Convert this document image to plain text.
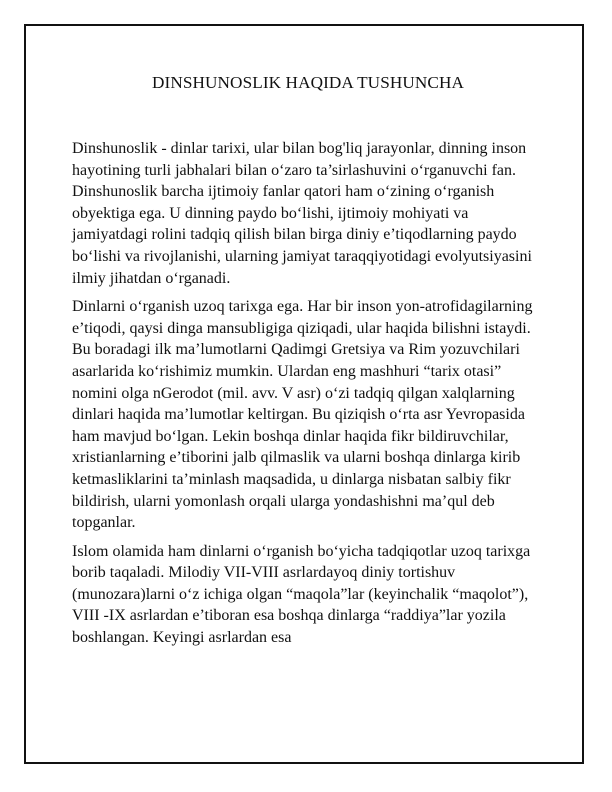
DINSHUNOSLIK HAQIDA TUSHUNCHA

Dinshunoslik - dinlar tarixi, ular bilan bog'liq jarayonlar, dinning inson hayotining turli jabhalari bilan o‘zaro ta’sirlashuvini o‘rganuvchi fan. Dinshunoslik barcha ijtimoiy fanlar qatori ham o‘zining o‘rganish obyektiga ega. U dinning paydo bo‘lishi, ijtimoiy mohiyati va jamiyatdagi rolini tadqiq qilish bilan birga diniy e’tiqodlarning paydo bo‘lishi va rivojlanishi, ularning jamiyat taraqqiyotidagi evolyutsiyasini ilmiy jihatdan o‘rganadi.

Dinlarni o‘rganish uzoq tarixga ega. Har bir inson yon-atrofidagilarning e’tiqodi, qaysi dinga mansubligiga qiziqadi, ular haqida bilishni istaydi. Bu boradagi ilk ma’lumotlarni Qadimgi Gretsiya va Rim yozuvchilari asarlarida ko‘rishimiz mumkin. Ulardan eng mashhuri “tarix otasi” nomini olga nGerodot (mil. avv. V asr) o‘zi tadqiq qilgan xalqlarning dinlari haqida ma’lumotlar keltirgan. Bu qiziqish o‘rta asr Yevropasida ham mavjud bo‘lgan. Lekin boshqa dinlar haqida fikr bildiruvchilar, xristianlarning e’tiborini jalb qilmaslik va ularni boshqa dinlarga kirib ketmasliklarini ta’minlash maqsadida, u dinlarga nisbatan salbiy fikr bildirish, ularni yomonlash orqali ularga yondashishni ma’qul deb topganlar.

Islom olamida ham dinlarni o‘rganish bo‘yicha tadqiqotlar uzoq tarixga borib taqaladi. Milodiy VII-VIII asrlardayoq diniy tortishuv (munozara)larni o‘z ichiga olgan “maqola”lar (keyinchalik “maqolot”), VIII -IX asrlardan e’tiboran esa boshqa dinlarga “raddiya”lar yozila boshlangan. Keyingi asrlardan esa
